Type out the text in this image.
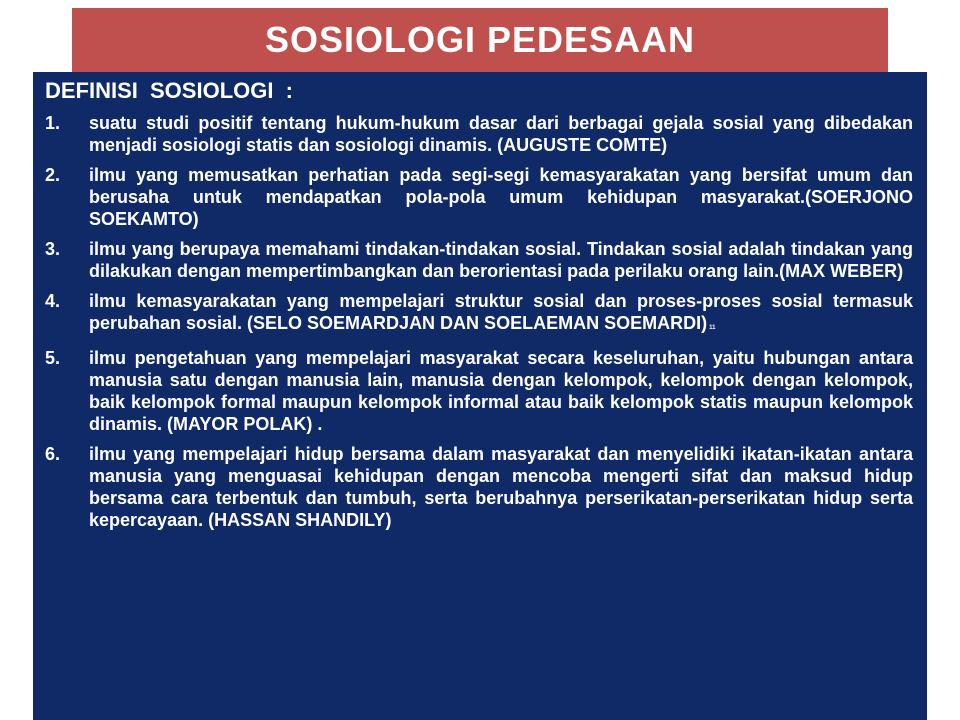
SOSIOLOGI PEDESAAN
DEFINISI SOSIOLOGI :
1.	suatu studi positif tentang hukum-hukum dasar dari berbagai gejala sosial yang dibedakan menjadi sosiologi statis dan sosiologi dinamis. (AUGUSTE COMTE)
2.	ilmu yang memusatkan perhatian pada segi-segi kemasyarakatan yang bersifat umum dan berusaha untuk mendapatkan pola-pola umum kehidupan masyarakat.(SOERJONO SOEKAMTO)
3.	ilmu yang berupaya memahami tindakan-tindakan sosial. Tindakan sosial adalah tindakan yang dilakukan dengan mempertimbangkan dan berorientasi pada perilaku orang lain.(MAX WEBER)
4.	ilmu kemasyarakatan yang mempelajari struktur sosial dan proses-proses sosial termasuk perubahan sosial. (SELO SOEMARDJAN DAN SOELAEMAN SOEMARDI) 11
5.	ilmu pengetahuan yang mempelajari masyarakat secara keseluruhan, yaitu hubungan antara manusia satu dengan manusia lain, manusia dengan kelompok, kelompok dengan kelompok, baik kelompok formal maupun kelompok informal atau baik kelompok statis maupun kelompok dinamis. (MAYOR POLAK) .
6.	ilmu yang mempelajari hidup bersama dalam masyarakat dan menyelidiki ikatan-ikatan antara manusia yang menguasai kehidupan dengan mencoba mengerti sifat dan maksud hidup bersama cara terbentuk dan tumbuh, serta berubahnya perserikatan-perserikatan hidup serta kepercayaan. (HASSAN SHANDILY)
